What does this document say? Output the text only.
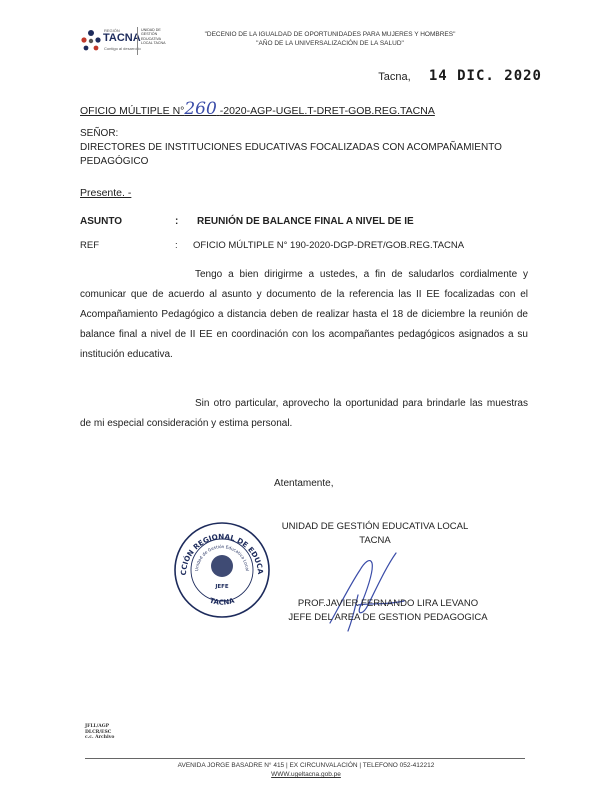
REGIÓN
TACNA
Contigo al desarrollo
UNIDAD DE
GESTIÓN
EDUCATIVA
LOCAL TACNA
"DECENIO DE LA IGUALDAD DE OPORTUNIDADES PARA MUJERES Y HOMBRES"
"AÑO DE LA UNIVERSALIZACIÓN DE LA SALUD"
Tacna, 14 DIC. 2020
OFICIO MÚLTIPLE N°260 -2020-AGP-UGEL.T-DRET-GOB.REG.TACNA
SEÑOR:
DIRECTORES DE INSTITUCIONES EDUCATIVAS FOCALIZADAS CON ACOMPAÑAMIENTO PEDAGÓGICO
Presente. -
ASUNTO	: REUNIÓN DE BALANCE FINAL A NIVEL DE IE
REF	: OFICIO MÚLTIPLE N° 190-2020-DGP-DRET/GOB.REG.TACNA
Tengo a bien dirigirme a ustedes, a fin de saludarlos cordialmente y comunicar que de acuerdo al asunto y documento de la referencia las II EE focalizadas con el Acompañamiento Pedagógico a distancia deben de realizar hasta el 18 de diciembre la reunión de balance final a nivel de II EE en coordinación con los acompañantes pedagógicos asignados a su institución educativa.
Sin otro particular, aprovecho la oportunidad para brindarle las muestras de mi especial consideración y estima personal.
Atentamente,
UNIDAD DE GESTIÓN EDUCATIVA LOCAL
TACNA
CCIÓN REGIONAL DE EDUCA
Unidad de Gestión Educativa Local
JEFE
TACNA	PROF.JAVIER FERNANDO LIRA LEVANO
JEFE DEL AREA DE GESTION PEDAGOGICA
JFLL/AGP
DLCR/ESC
c.c. Archivo
AVENIDA JORGE BASADRE N° 415 | EX CIRCUNVALACIÓN | TELEFONO 052-412212
WWW.ugeltacna.gob.pe
